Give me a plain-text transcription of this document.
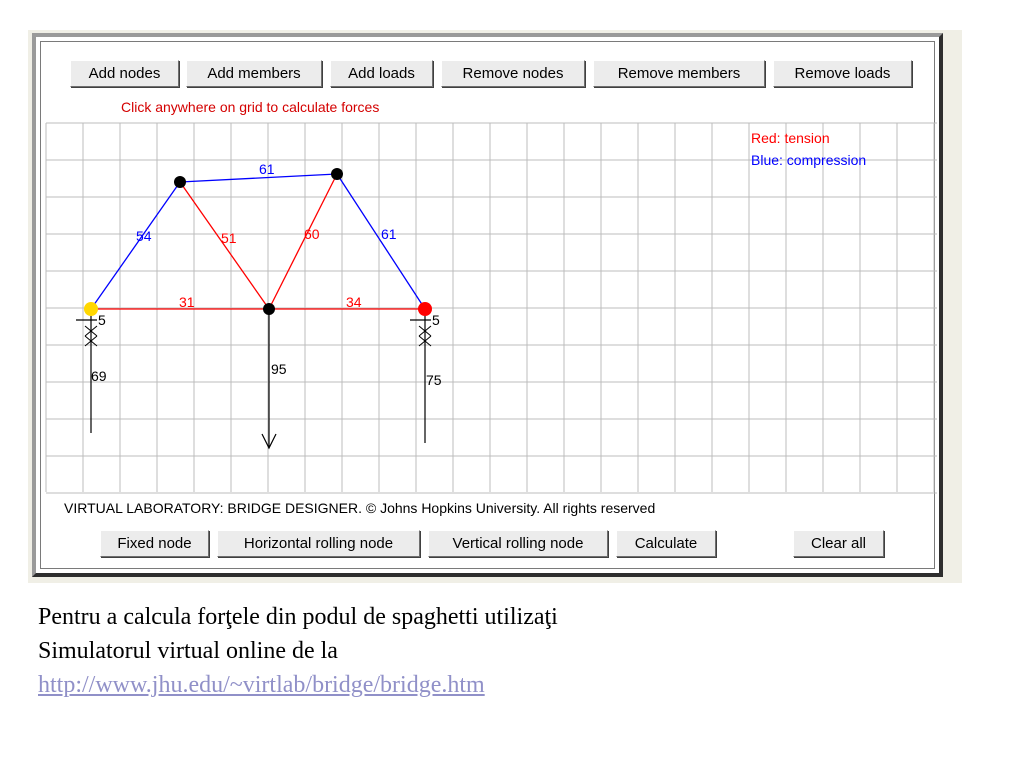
Add nodes	Add members	Add loads	Remove nodes	Remove members	Remove loads
Click anywhere on grid to calculate forces
54
61
61
51	60
31	34
69
5
75
5
95
Red: tension
Blue: compression
VIRTUAL LABORATORY: BRIDGE DESIGNER. © Johns Hopkins University. All rights reserved
Fixed node	Horizontal rolling node	Vertical rolling node	Calculate	Clear all
Pentru a calcula forţele din podul de spaghetti utilizaţi
Simulatorul virtual online de la
http://www.jhu.edu/~virtlab/bridge/bridge.htm
